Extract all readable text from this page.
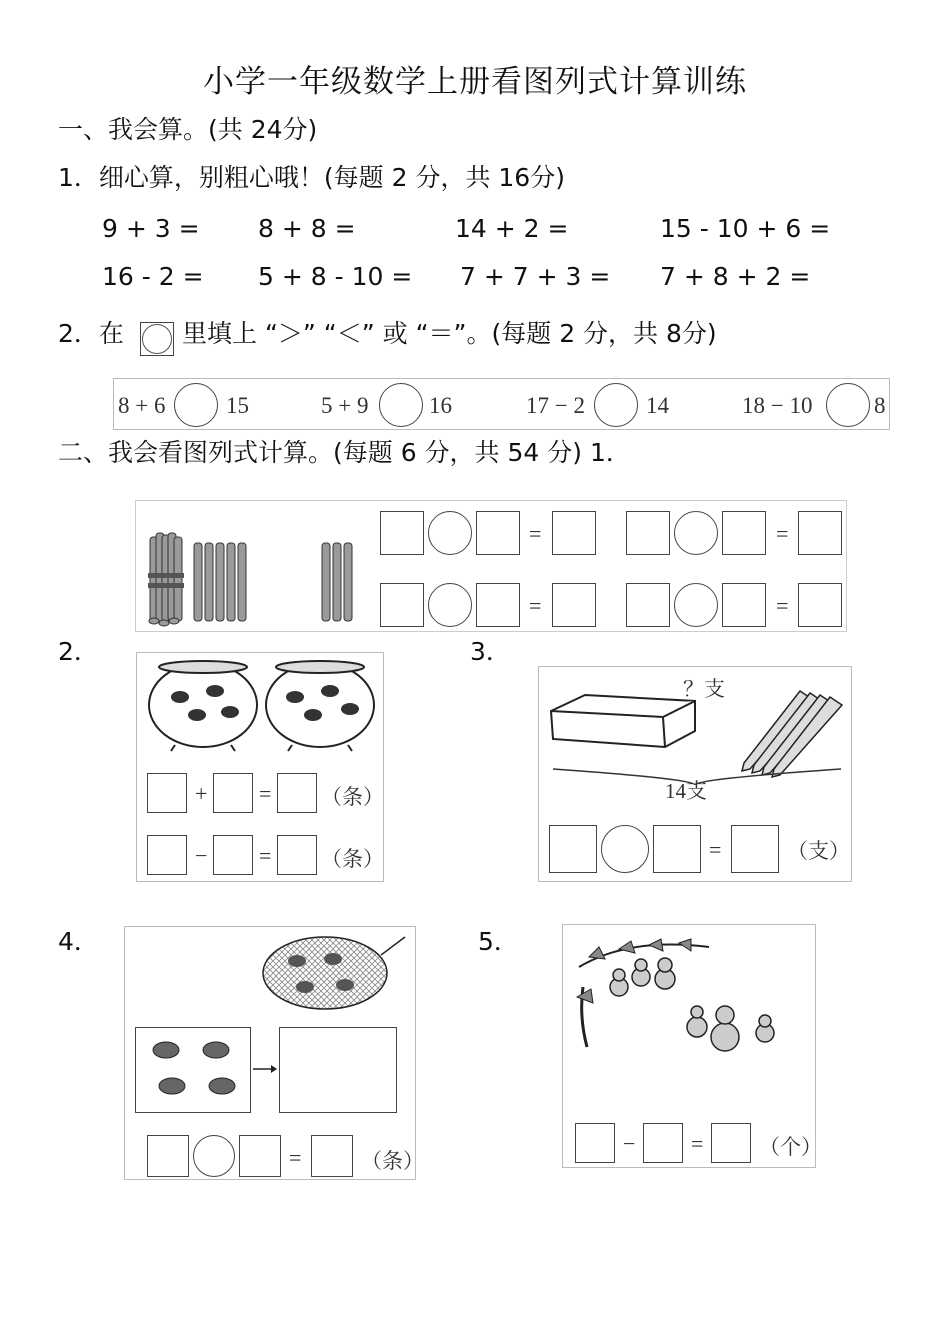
小学一年级数学上册看图列式计算训练
一、我会算。(共 24分)
1．细心算，别粗心哦！(每题 2 分，共 16分)
9 + 3 = 8 + 8 =	14 + 2 =	15 - 10 + 6 =
16 - 2 = 5 + 8 - 10 = 7 + 7 + 3 = 7 + 8 + 2 =
2．在 里填上 “＞” “＜” 或 “＝”。(每题 2 分，共 8分)
8 + 6	15	5 + 9	16	17 − 2	14	18 − 10	8
二、我会看图列式计算。(每题 6 分，共 54 分) 1．
=	=
=	=
2．
+ = （条）
− = （条）
3．
？支
14支
=	（支）
4．
=	（条）
5．
−	=	（个）
